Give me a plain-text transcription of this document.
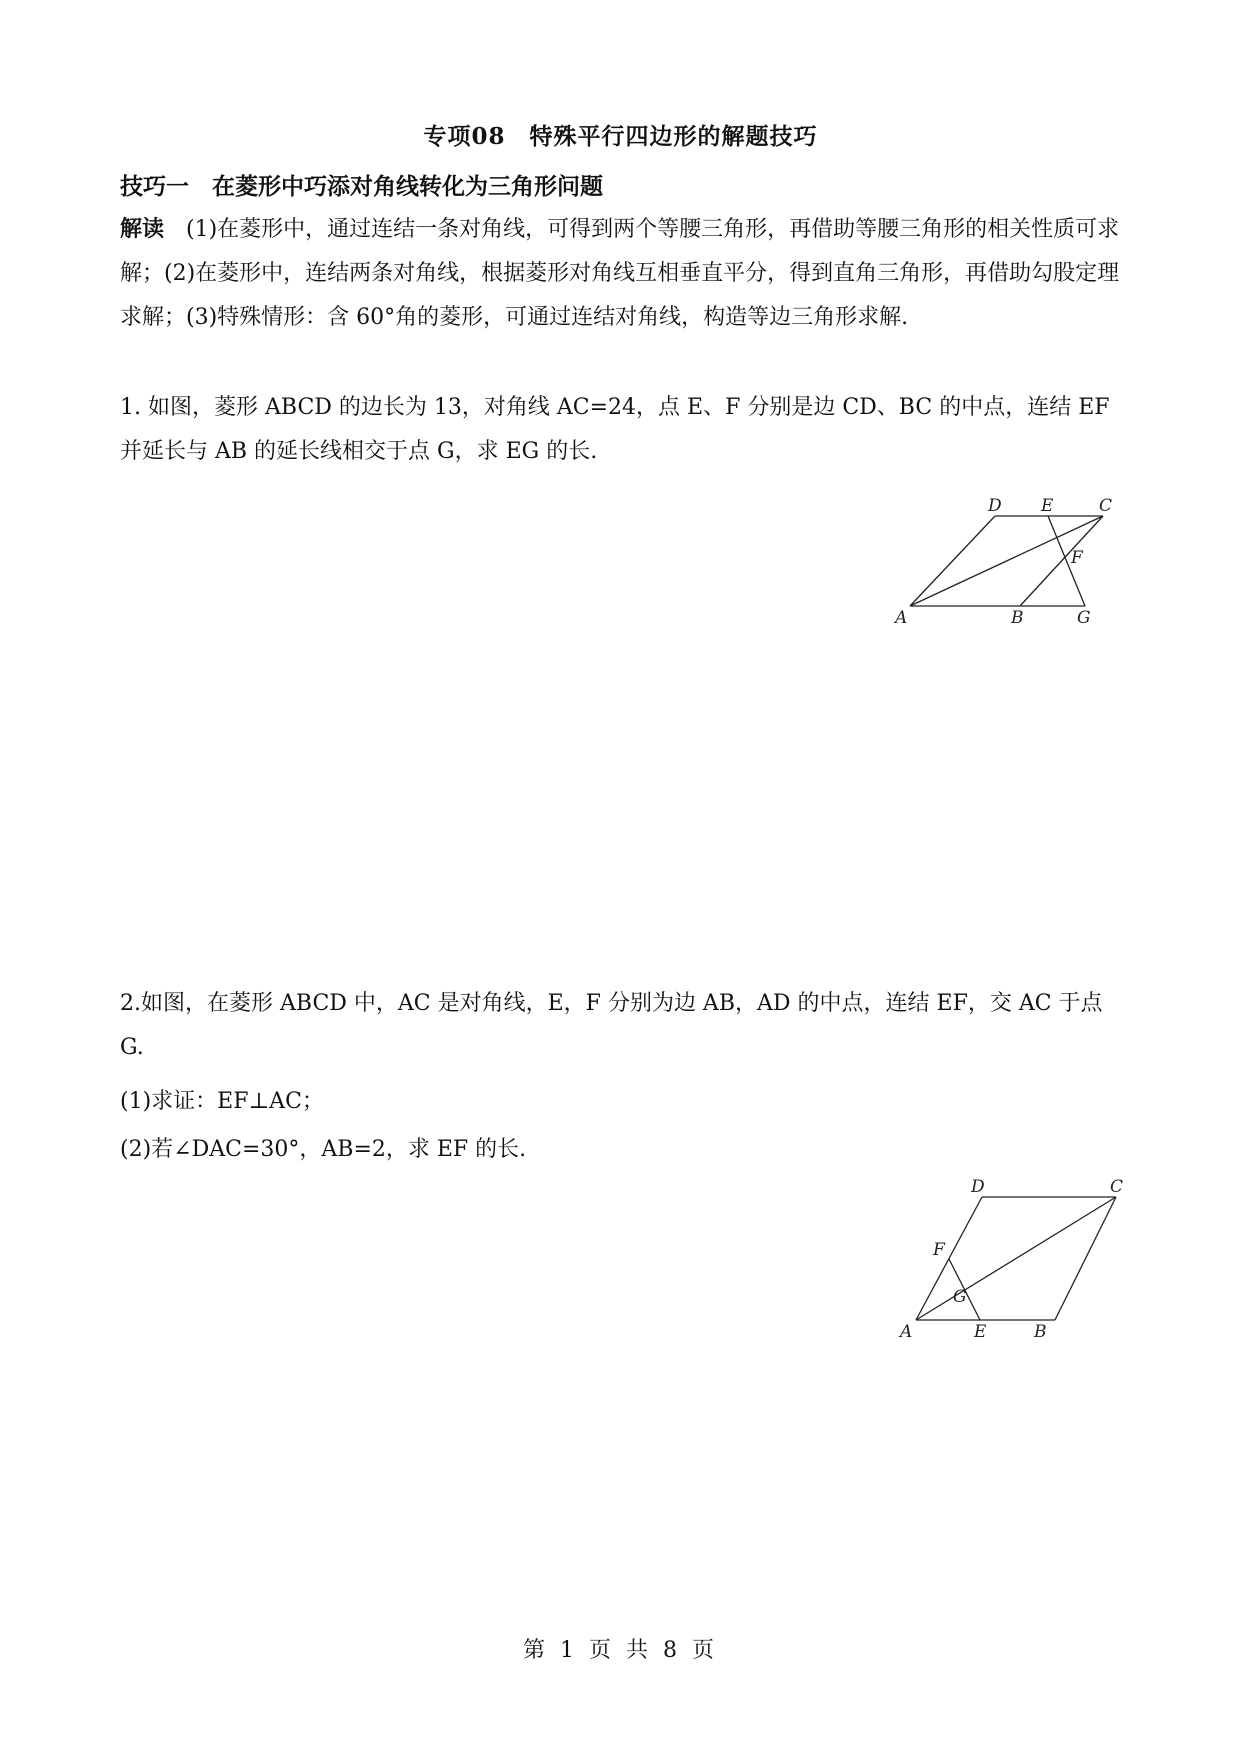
专项08　特殊平行四边形的解题技巧
技巧一　在菱形中巧添对角线转化为三角形问题
解读 (1)在菱形中，通过连结一条对角线，可得到两个等腰三角形，再借助等腰三角形的相关性质可求解；(2)在菱形中，连结两条对角线，根据菱形对角线互相垂直平分，得到直角三角形，再借助勾股定理求解；(3)特殊情形：含 60°角的菱形，可通过连结对角线，构造等边三角形求解.
1. 如图，菱形 ABCD 的边长为 13，对角线 AC=24，点 E、F 分别是边 CD、BC 的中点，连结 EF 并延长与 AB 的延长线相交于点 G，求 EG 的长.
A	B	G
D E	C
F
2.如图，在菱形 ABCD 中，AC 是对角线，E，F 分别为边 AB，AD 的中点，连结 EF，交 AC 于点 G.
(1)求证：EF⊥AC；
(2)若∠DAC=30°，AB=2，求 EF 的长.
A	E	B
D	C
F
G
第 1 页 共 8 页
